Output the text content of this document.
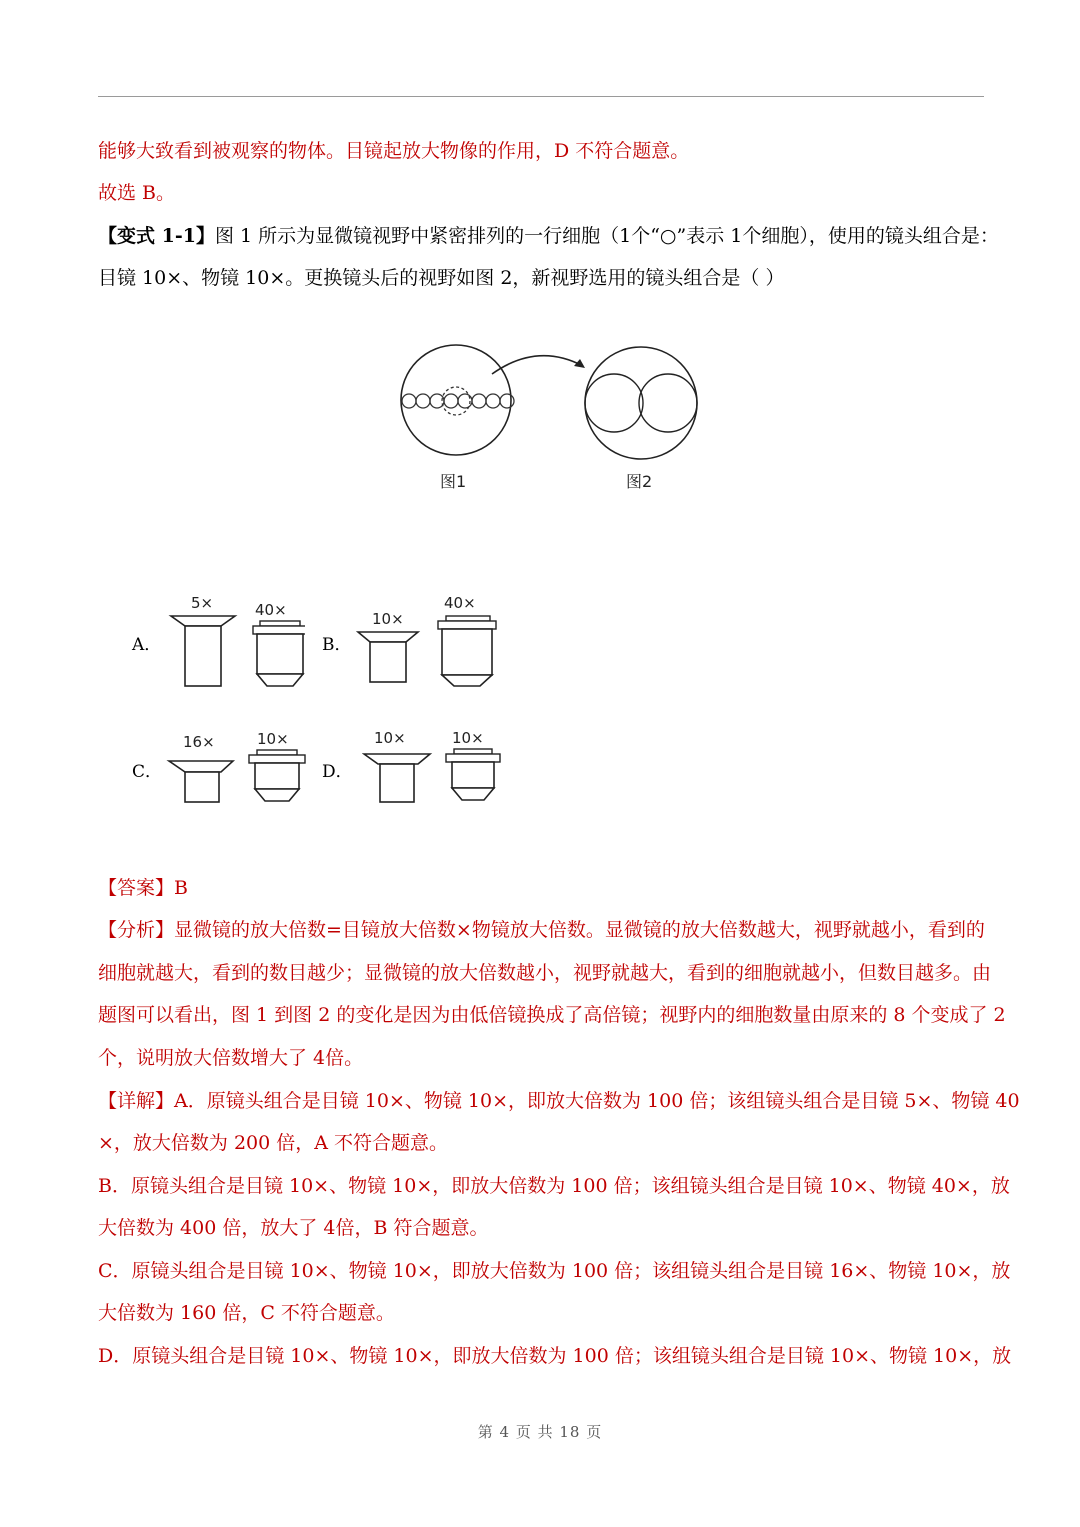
能够大致看到被观察的物体。目镜起放大物像的作用，D 不符合题意。
故选 B。
【变式 1-1】图 1 所示为显微镜视野中紧密排列的一行细胞（1个“○”表示 1个细胞），使用的镜头组合是：
目镜 10×、物镜 10×。更换镜头后的视野如图 2，新视野选用的镜头组合是（ ）
图1	图2
A．
5×	40×
B．
10×
40×
C．
16×	10×
D．
10×	10×
【答案】B
【分析】显微镜的放大倍数=目镜放大倍数×物镜放大倍数。显微镜的放大倍数越大，视野就越小，看到的
细胞就越大，看到的数目越少；显微镜的放大倍数越小，视野就越大，看到的细胞就越小，但数目越多。由
题图可以看出，图 1 到图 2 的变化是因为由低倍镜换成了高倍镜；视野内的细胞数量由原来的 8 个变成了 2
个，说明放大倍数增大了 4倍。
【详解】A．原镜头组合是目镜 10×、物镜 10×，即放大倍数为 100 倍；该组镜头组合是目镜 5×、物镜 40
×，放大倍数为 200 倍，A 不符合题意。
B．原镜头组合是目镜 10×、物镜 10×，即放大倍数为 100 倍；该组镜头组合是目镜 10×、物镜 40×，放
大倍数为 400 倍，放大了 4倍，B 符合题意。
C．原镜头组合是目镜 10×、物镜 10×，即放大倍数为 100 倍；该组镜头组合是目镜 16×、物镜 10×，放
大倍数为 160 倍，C 不符合题意。
D．原镜头组合是目镜 10×、物镜 10×，即放大倍数为 100 倍；该组镜头组合是目镜 10×、物镜 10×，放
第 4 页 共 18 页
